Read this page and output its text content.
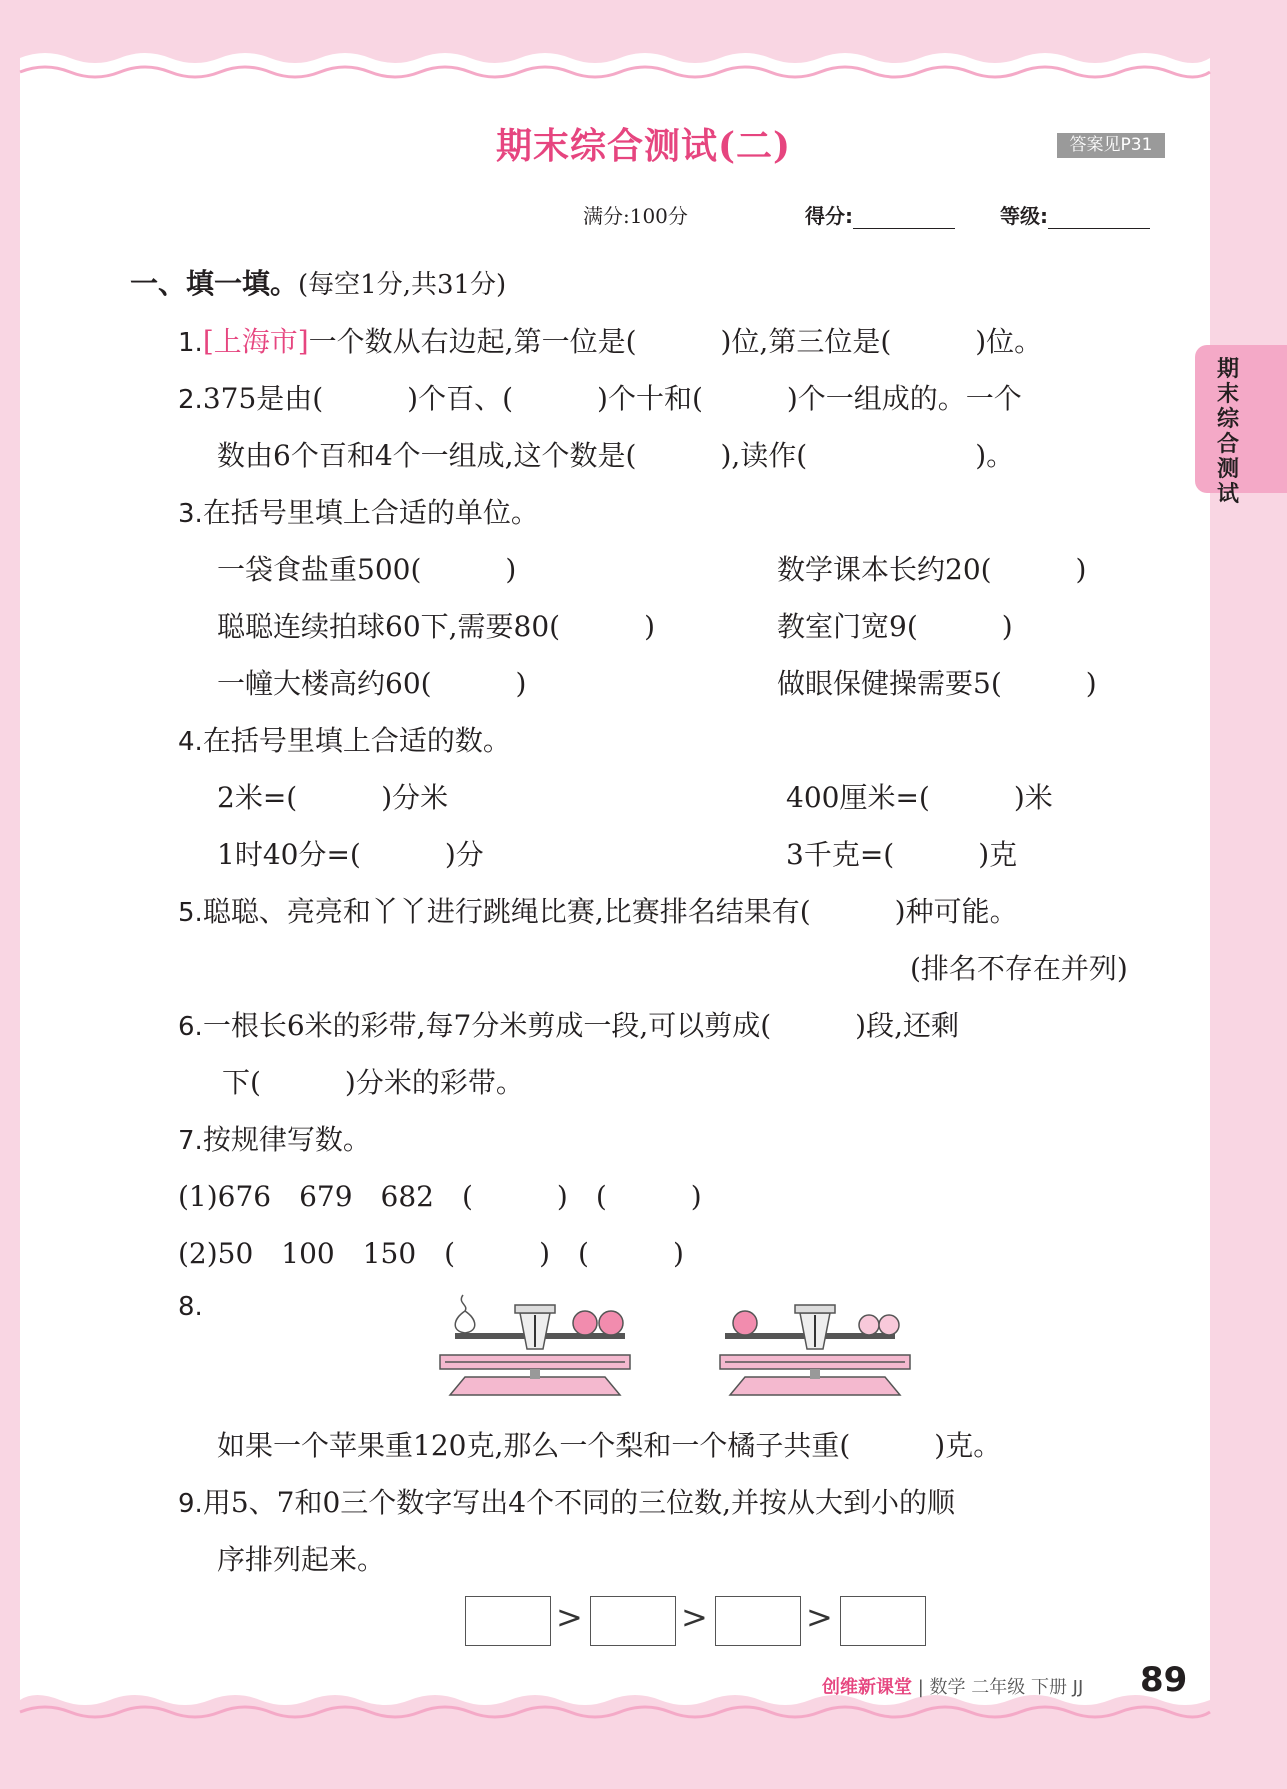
期末综合测试(二)	答案见P31
满分:100分	得分:	等级:
期末综合测试
一、填一填。(每空1分,共31分)
1.[上海市]一个数从右边起,第一位是(　　　)位,第三位是(　　　)位。
2.375是由(　　　)个百、(　　　)个十和(　　　)个一组成的。一个
数由6个百和4个一组成,这个数是(　　　),读作(　　　　　　)。
3.在括号里填上合适的单位。
一袋食盐重500(　　　)	数学课本长约20(　　　)
聪聪连续拍球60下,需要80(　　　)	教室门宽9(　　　)
一幢大楼高约60(　　　)	做眼保健操需要5(　　　)
4.在括号里填上合适的数。
2米=(　　　)分米	400厘米=(　　　)米
1时40分=(　　　)分	3千克=(　　　)克
5.聪聪、亮亮和丫丫进行跳绳比赛,比赛排名结果有(　　　)种可能。
(排名不存在并列)
6.一根长6米的彩带,每7分米剪成一段,可以剪成(　　　)段,还剩
下(　　　)分米的彩带。
7.按规律写数。
(1)676　679　682　(　　　)　(　　　)
(2)50　100　150　(　　　)　(　　　)
8.
如果一个苹果重120克,那么一个梨和一个橘子共重(　　　)克。
9.用5、7和0三个数字写出4个不同的三位数,并按从大到小的顺
序排列起来。
>	>	>
创维新课堂 | 数学 二年级 下册 JJ 89
